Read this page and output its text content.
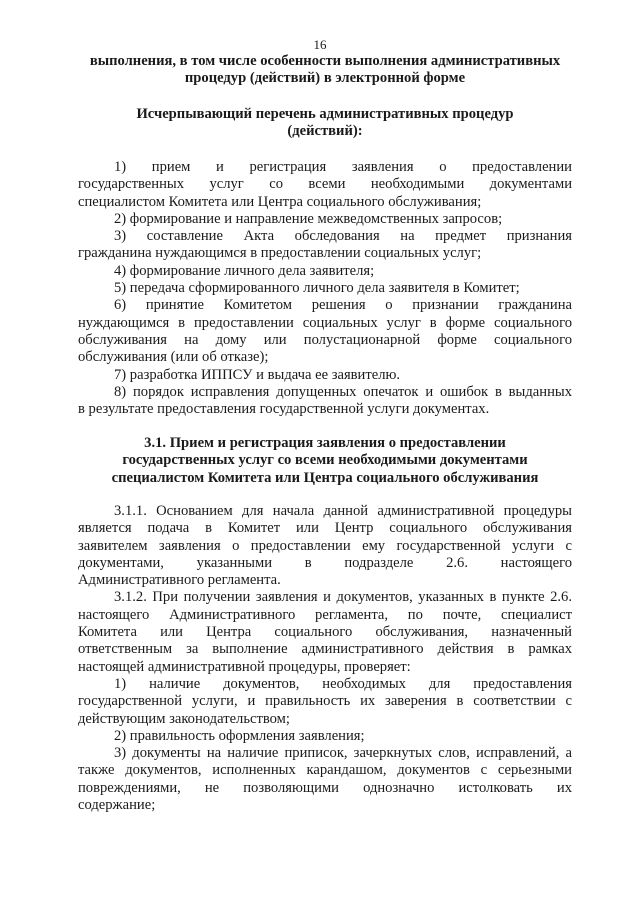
16

выполнения, в том числе особенности выполнения административных

процедур (действий) в электронной форме

Исчерпывающий перечень административных процедур

(действий):

1) прием и регистрация заявления о предоставлении

государственных услуг со всеми необходимыми документами

специалистом Комитета или Центра социального обслуживания;

2) формирование и направление межведомственных запросов;

3) составление Акта обследования на предмет признания

гражданина нуждающимся в предоставлении социальных услуг;

4) формирование личного дела заявителя;

5) передача сформированного личного дела заявителя в Комитет;

6) принятие Комитетом решения о признании гражданина

нуждающимся в предоставлении социальных услуг в форме социального

обслуживания на дому или полустационарной форме социального

обслуживания (или об отказе);

7) разработка ИППСУ и выдача ее заявителю.

8) порядок исправления допущенных опечаток и ошибок в выданных

в результате предоставления государственной услуги документах.

3.1. Прием и регистрация заявления о предоставлении

государственных услуг со всеми необходимыми документами

специалистом Комитета или Центра социального обслуживания

3.1.1. Основанием для начала данной административной процедуры

является подача в Комитет или Центр социального обслуживания

заявителем заявления о предоставлении ему государственной услуги с

документами, указанными в подразделе 2.6. настоящего

Административного регламента.

3.1.2. При получении заявления и документов, указанных в пункте 2.6.

настоящего Административного регламента, по почте, специалист

Комитета или Центра социального обслуживания, назначенный

ответственным за выполнение административного действия в рамках

настоящей административной процедуры, проверяет:

1) наличие документов, необходимых для предоставления

государственной услуги, и правильность их заверения в соответствии с

действующим законодательством;

2) правильность оформления заявления;

3) документы на наличие приписок, зачеркнутых слов, исправлений, а

также документов, исполненных карандашом, документов с серьезными

повреждениями, не позволяющими однозначно истолковать их

содержание;
